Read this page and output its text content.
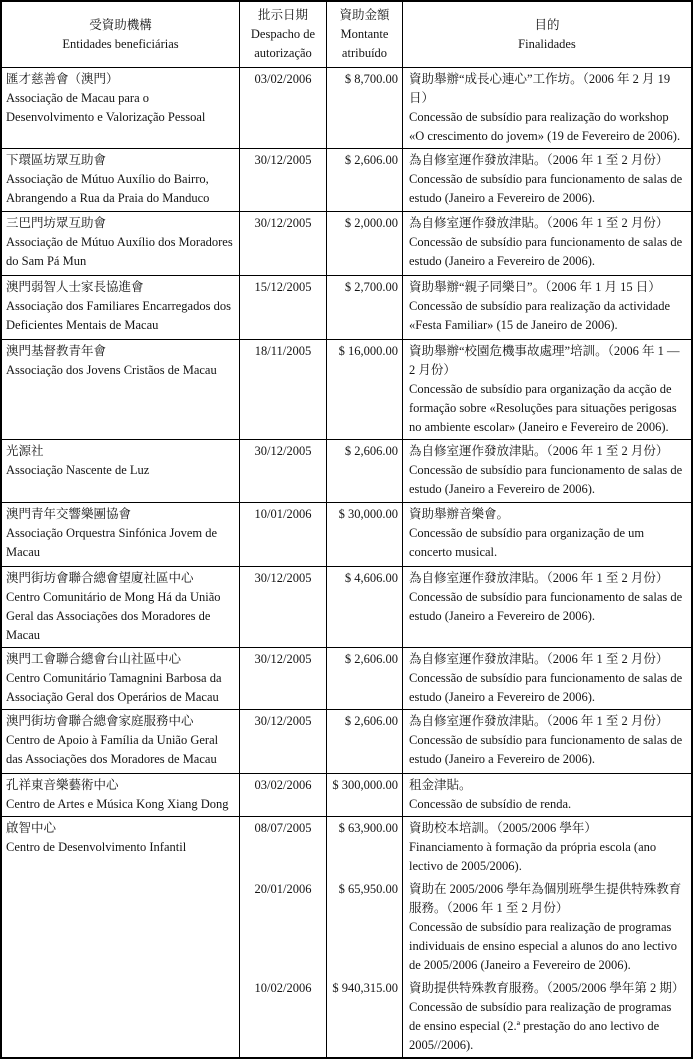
受資助機構
Entidades beneficiárias
批示日期
Despacho de autorização
資助金額
Montante atribuído
目的
Finalidades
匯才慈善會（澳門）
Associação de Macau para o Desenvolvimento e Valorização Pessoal
03/02/2006	$ 8,700.00 資助舉辦“成長心連心”工作坊。（2006 年 2 月 19 日）
Concessão de subsídio para realização do workshop «O crescimento do jovem» (19 de Fevereiro de 2006).
下環區坊眾互助會
Associação de Mútuo Auxílio do Bairro, Abrangendo a Rua da Praia do Manduco
30/12/2005	$ 2,606.00 為自修室運作發放津貼。（2006 年 1 至 2 月份）
Concessão de subsídio para funcionamento de salas de estudo (Janeiro a Fevereiro de 2006).
三巴門坊眾互助會
Associação de Mútuo Auxílio dos Moradores do Sam Pá Mun
30/12/2005	$ 2,000.00 為自修室運作發放津貼。（2006 年 1 至 2 月份）
Concessão de subsídio para funcionamento de salas de estudo (Janeiro a Fevereiro de 2006).
澳門弱智人士家長協進會
Associação dos Familiares Encarregados dos Deficientes Mentais de Macau
15/12/2005	$ 2,700.00 資助舉辦“親子同樂日”。（2006 年 1 月 15 日）
Concessão de subsídio para realização da actividade «Festa Familiar» (15 de Janeiro de 2006).
澳門基督教青年會
Associação dos Jovens Cristãos de Macau
18/11/2005	$ 16,000.00 資助舉辦“校園危機事故處理”培訓。（2006 年 1 — 2 月份）
Concessão de subsídio para organização da acção de formação sobre «Resoluções para situações perigosas no ambiente escolar» (Janeiro e Fevereiro de 2006).
光源社
Associação Nascente de Luz
30/12/2005	$ 2,606.00 為自修室運作發放津貼。（2006 年 1 至 2 月份）
Concessão de subsídio para funcionamento de salas de estudo (Janeiro a Fevereiro de 2006).
澳門青年交響樂團協會
Associação Orquestra Sinfónica Jovem de Macau
10/01/2006	$ 30,000.00 資助舉辦音樂會。
Concessão de subsídio para organização de um concerto musical.
澳門街坊會聯合總會望廈社區中心
Centro Comunitário de Mong Há da União Geral das Associações dos Moradores de Macau
30/12/2005	$ 4,606.00 為自修室運作發放津貼。（2006 年 1 至 2 月份）
Concessão de subsídio para funcionamento de salas de estudo (Janeiro a Fevereiro de 2006).
澳門工會聯合總會台山社區中心
Centro Comunitário Tamagnini Barbosa da Associação Geral dos Operários de Macau
30/12/2005	$ 2,606.00 為自修室運作發放津貼。（2006 年 1 至 2 月份）
Concessão de subsídio para funcionamento de salas de estudo (Janeiro a Fevereiro de 2006).
澳門街坊會聯合總會家庭服務中心
Centro de Apoio à Família da União Geral das Associações dos Moradores de Macau
30/12/2005	$ 2,606.00 為自修室運作發放津貼。（2006 年 1 至 2 月份）
Concessão de subsídio para funcionamento de salas de estudo (Janeiro a Fevereiro de 2006).
孔祥東音樂藝術中心
Centro de Artes e Música Kong Xiang Dong
03/02/2006	$ 300,000.00 租金津貼。
Concessão de subsídio de renda.
啟智中心
Centro de Desenvolvimento Infantil
08/07/2005	$ 63,900.00 資助校本培訓。（2005/2006 學年）
Financiamento à formação da própria escola (ano lectivo de 2005/2006).
20/01/2006	$ 65,950.00 資助在 2005/2006 學年為個別班學生提供特殊教育服務。（2006 年 1 至 2 月份）
Concessão de subsídio para realização de programas individuais de ensino especial a alunos do ano lectivo de 2005/2006 (Janeiro a Fevereiro de 2006).
10/02/2006	$ 940,315.00 資助提供特殊教育服務。（2005/2006 學年第 2 期）
Concessão de subsídio para realização de programas de ensino especial (2.ª prestação do ano lectivo de 2005//2006).
